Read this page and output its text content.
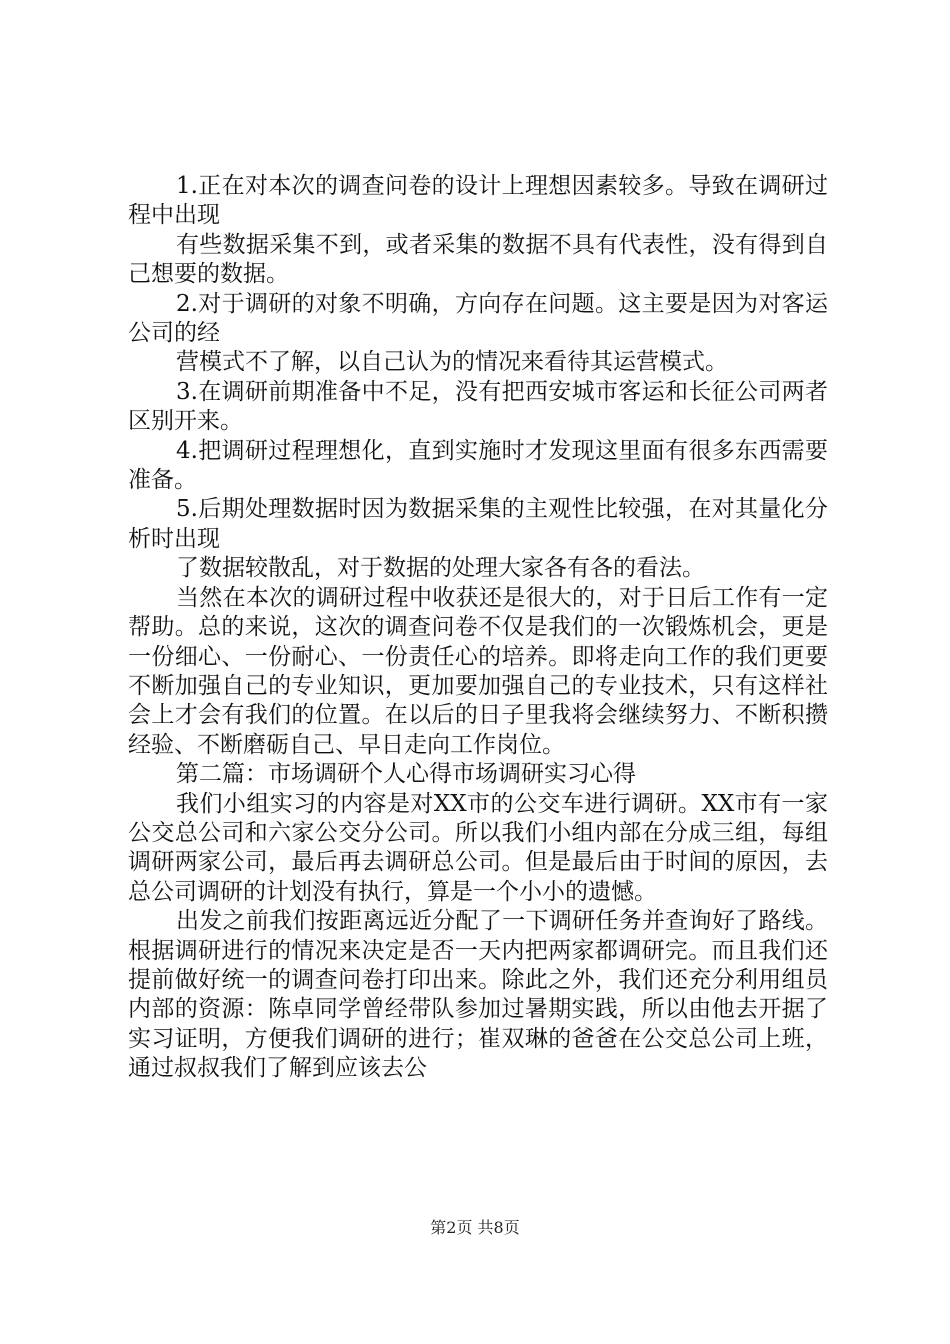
1.正在对本次的调查问卷的设计上理想因素较多。导致在调研过程中出现

有些数据采集不到，或者采集的数据不具有代表性，没有得到自己想要的数据。

2.对于调研的对象不明确，方向存在问题。这主要是因为对客运公司的经

营模式不了解，以自己认为的情况来看待其运营模式。

3.在调研前期准备中不足，没有把西安城市客运和长征公司两者区别开来。

4.把调研过程理想化，直到实施时才发现这里面有很多东西需要准备。

5.后期处理数据时因为数据采集的主观性比较强，在对其量化分析时出现

了数据较散乱，对于数据的处理大家各有各的看法。

当然在本次的调研过程中收获还是很大的，对于日后工作有一定帮助。总的来说，这次的调查问卷不仅是我们的一次锻炼机会，更是一份细心、一份耐心、一份责任心的培养。即将走向工作的我们更要不断加强自己的专业知识，更加要加强自己的专业技术，只有这样社会上才会有我们的位置。在以后的日子里我将会继续努力、不断积攒经验、不断磨砺自己、早日走向工作岗位。

第二篇：市场调研个人心得市场调研实习心得

我们小组实习的内容是对XX市的公交车进行调研。XX市有一家公交总公司和六家公交分公司。所以我们小组内部在分成三组，每组调研两家公司，最后再去调研总公司。但是最后由于时间的原因，去总公司调研的计划没有执行，算是一个小小的遗憾。

出发之前我们按距离远近分配了一下调研任务并查询好了路线。根据调研进行的情况来决定是否一天内把两家都调研完。而且我们还提前做好统一的调查问卷打印出来。除此之外，我们还充分利用组员内部的资源：陈卓同学曾经带队参加过暑期实践，所以由他去开据了实习证明，方便我们调研的进行；崔双琳的爸爸在公交总公司上班，通过叔叔我们了解到应该去公

第2页 共8页
